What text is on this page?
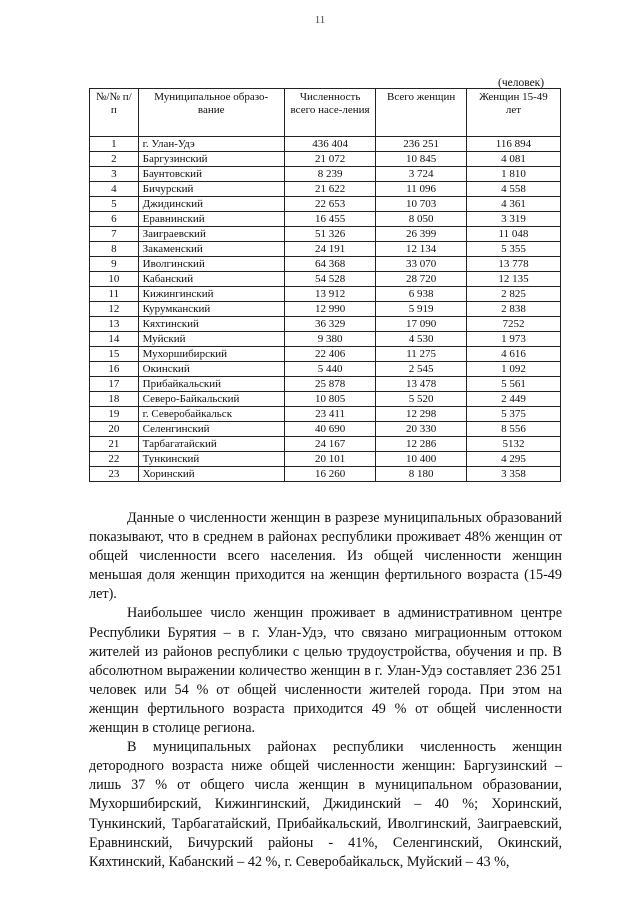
11
(человек)
№/№ п/п	Муниципальное образо-вание	Численность всего насе-ления	Всего женщин	Женщин 15-49 лет
1	г. Улан-Удэ	436 404	236 251	116 894
2	Баргузинский	21 072	10 845	4 081
3	Баунтовский	8 239	3 724	1 810
4	Бичурский	21 622	11 096	4 558
5	Джидинский	22 653	10 703	4 361
6	Еравнинский	16 455	8 050	3 319
7	Заиграевский	51 326	26 399	11 048
8	Закаменский	24 191	12 134	5 355
9	Иволгинский	64 368	33 070	13 778
10	Кабанский	54 528	28 720	12 135
11	Кижингинский	13 912	6 938	2 825
12	Курумканский	12 990	5 919	2 838
13	Кяхтинский	36 329	17 090	7252
14	Муйский	9 380	4 530	1 973
15	Мухоршибирский	22 406	11 275	4 616
16	Окинский	5 440	2 545	1 092
17	Прибайкальский	25 878	13 478	5 561
18	Северо-Байкальский	10 805	5 520	2 449
19	г. Северобайкальск	23 411	12 298	5 375
20	Селенгинский	40 690	20 330	8 556
21	Тарбагатайский	24 167	12 286	5132
22	Тункинский	20 101	10 400	4 295
23	Хоринский	16 260	8 180	3 358

Данные о численности женщин в разрезе муниципальных образований показывают, что в среднем в районах республики проживает 48% женщин от общей численности всего населения. Из общей численности женщин меньшая доля женщин приходится на женщин фертильного возраста (15-49 лет).

Наибольшее число женщин проживает в административном центре Республики Бурятия – в г. Улан-Удэ, что связано миграционным оттоком жителей из районов республики с целью трудоустройства, обучения и пр. В абсолютном выражении количество женщин в г. Улан-Удэ составляет 236 251 человек или 54 % от общей численности жителей города. При этом на женщин фертильного возраста приходится 49 % от общей численности женщин в столице региона.

В муниципальных районах республики численность женщин детородного возраста ниже общей численности женщин: Баргузинский – лишь 37 % от общего числа женщин в муниципальном образовании, Мухоршибирский, Кижингинский, Джидинский – 40 %; Хоринский, Тункинский, Тарбагатайский, Прибайкальский, Иволгинский, Заиграевский, Еравнинский, Бичурский районы - 41%, Селенгинский, Окинский, Кяхтинский, Кабанский – 42 %, г. Северобайкальск, Муйский – 43 %,
